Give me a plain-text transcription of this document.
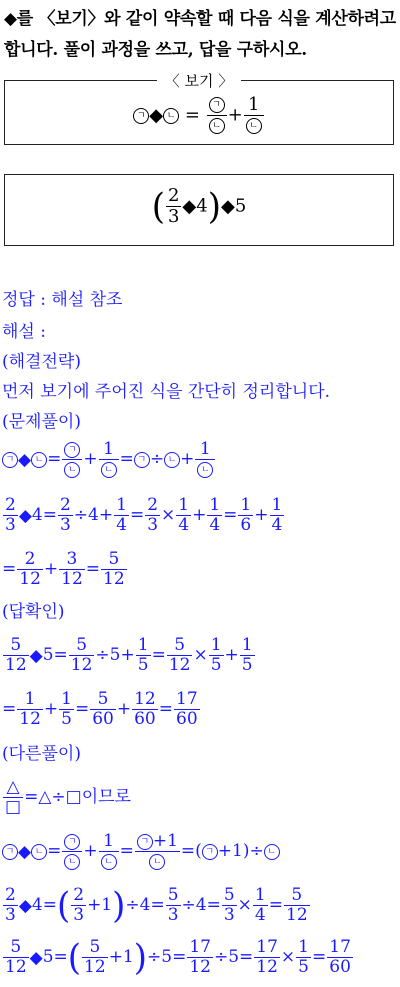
◆를 〈보기〉와 같이 약속할 때 다음 식을 계산하려고 합니다. 풀이 과정을 쓰고, 답을 구하시오.
〈 보기 〉
ㄱ ◆ ㄴ = ㄱ
ㄴ
+
1
ㄴ
( $\frac{2}{3}$ ◆4)◆5
정답 : 해설 참조
해설 :
(해결전략)
먼저 보기에 주어진 식을 간단히 정리합니다.
(문제풀이)
ㄱ ◆ ㄴ = ㄱ
ㄴ
+
1
ㄴ
= ㄱ ÷ ㄴ +
1
ㄴ
$\frac{2}{3}$ ◆4= $\frac{2}{3} \div 4+ \frac{1}{4} = \frac{2}{3} \times \frac{1}{4} + \frac{1}{4} = \frac{1}{6} + \frac{1}{4}$
= $\frac{2}{12} + \frac{3}{12} = \frac{5}{12}$
(답확인)
$\frac{5}{12}$ ◆5= $\frac{5}{12} \div 5+ \frac{1}{5} = \frac{5}{12} \times \frac{1}{5} + \frac{1}{5}$
= $\frac{1}{12} + \frac{1}{5} = \frac{5}{60} + \frac{12}{60} = \frac{17}{60}$
(다른풀이)
△
□ =△÷□이므로
ㄱ ◆ ㄴ = ㄱ
ㄴ
+
1
ㄴ
= ㄱ +1
ㄴ
=( ㄱ +1)÷ ㄴ
$\frac{2}{3}$ ◆4=( $\frac{2}{3} +1)\div 4= \frac{5}{3} \div 4= \frac{5}{3} \times \frac{1}{4} = \frac{5}{12}$
$\frac{5}{12}$ ◆5=( $\frac{5}{12} +1)\div 5= \frac{17}{12} \div 5= \frac{17}{12} \times \frac{1}{5} = \frac{17}{60}$
